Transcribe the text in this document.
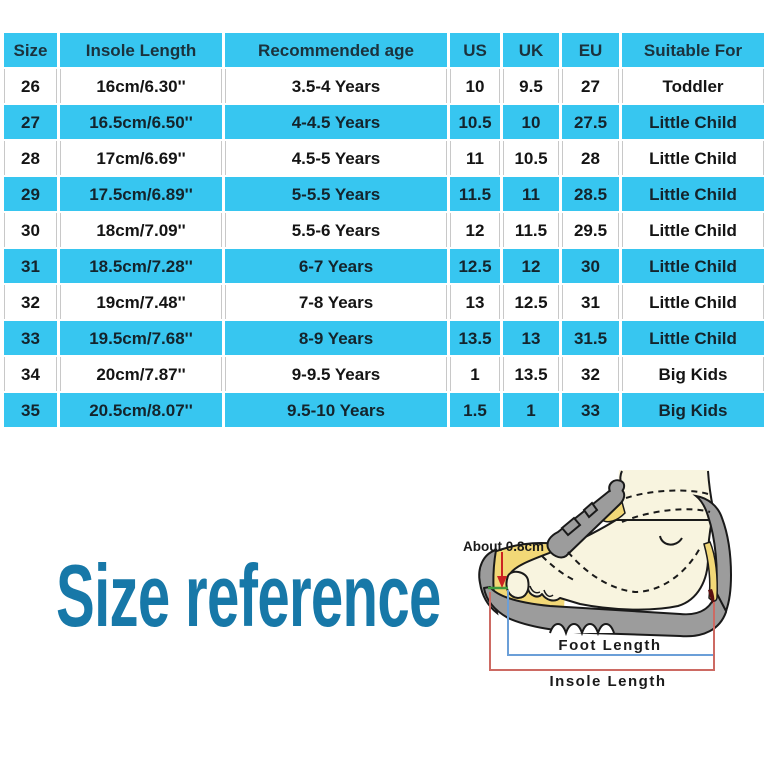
Size	Insole Length	Recommended age	US	UK	EU	Suitable For
26	16cm/6.30''	3.5-4 Years	10	9.5	27	Toddler
27	16.5cm/6.50''	4-4.5 Years	10.5	10	27.5	Little Child
28	17cm/6.69''	4.5-5 Years	11	10.5	28	Little Child
29	17.5cm/6.89''	5-5.5 Years	11.5	11	28.5	Little Child
30	18cm/7.09''	5.5-6 Years	12	11.5	29.5	Little Child
31	18.5cm/7.28''	6-7 Years	12.5	12	30	Little Child
32	19cm/7.48''	7-8 Years	13	12.5	31	Little Child
33	19.5cm/7.68''	8-9 Years	13.5	13	31.5	Little Child
34	20cm/7.87''	9-9.5 Years	1	13.5	32	Big Kids
35	20.5cm/8.07''	9.5-10 Years	1.5	1	33	Big Kids
Size reference About 0.8cm
Foot Length
Insole Length
